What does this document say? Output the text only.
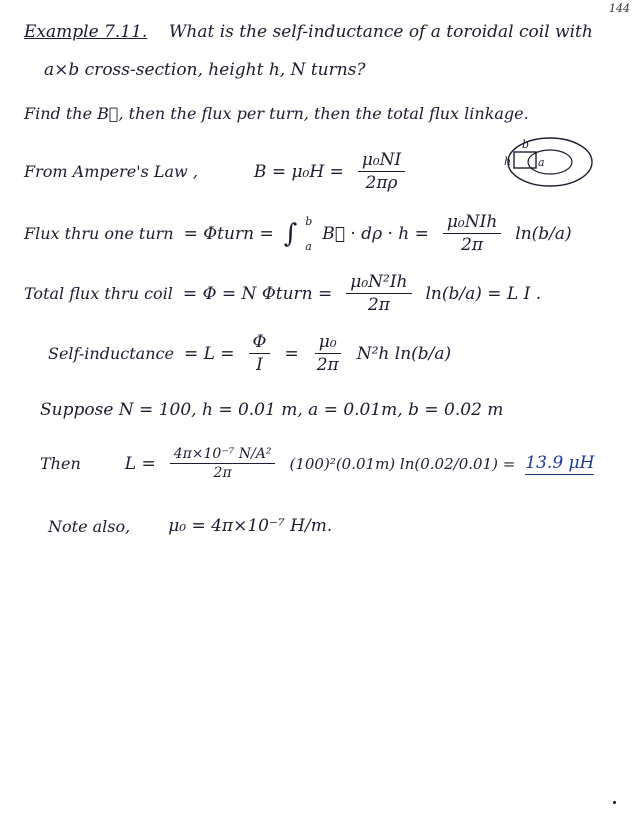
144
Example 7.11. What is the self-inductance of a toroidal coil with
a×b cross-section, height h, N turns?
Find the B⃗, then the flux per turn, then the total flux linkage.
From Ampere's Law ,	$B = \mu_0H = \frac{\text{μ₀NI}}{2\pi\rho}$	h
b
a
Flux thru one turn = Φturn = ∫ b
a
B⃗ · $d\rho \cdot h = \frac{\text{μ₀NIh}}{2\pi} \ln(b/a)$
Total flux thru coil = Φ = N Φturn = $\frac{\text{μ₀N²Ih}}{2\pi} \ln(b/a) = L$ I .
Self-inductance = $L = \frac{\Phi}{I} = \frac{\text{μ₀}}{2\pi} N^2h$ ln(b/a)
Suppose N = 100, h = 0.01 m, a = 0.01m, b = 0.02 m
Then	$L = \frac{\text{4π×10⁻⁷ N/A²}}{2\pi} (100)^2(0.01m) \ln(0.02/0.01) = 13.9$ μH
Note also, μ₀ = 4π×10⁻⁷ H/m.
